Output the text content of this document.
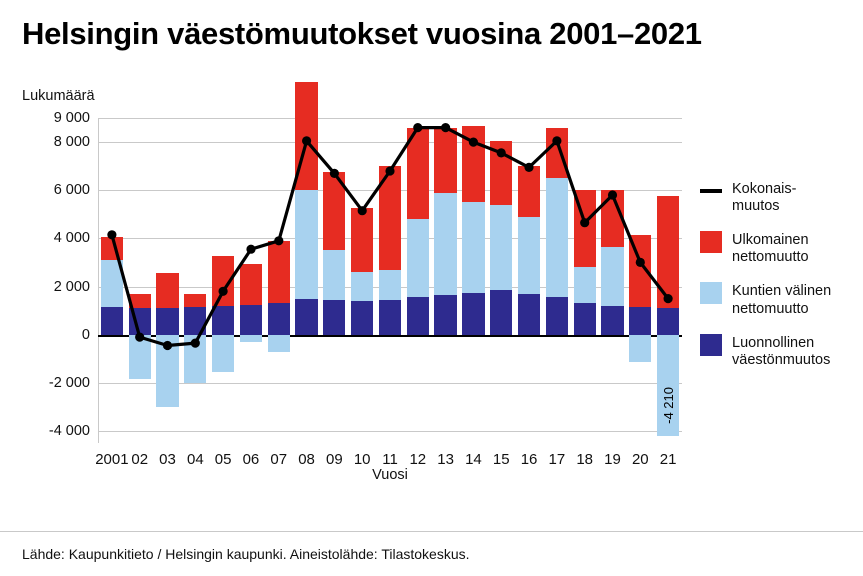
Helsingin väestömuutokset vuosina 2001–2021
Lukumäärä
-4 000
-2 000
0
2 000
4 000
6 000
8 000
9 000
2001 02 03 04 05 06 07 08 09 10 11 12 13 14 15 16 17 18 19 20 21
-4 210
Vuosi
Kokonais-
muutos
Ulkomainen
nettomuutto
Kuntien välinen
nettomuutto
Luonnollinen
väestönmuutos
Lähde: Kaupunkitieto / Helsingin kaupunki. Aineistolähde: Tilastokeskus.
